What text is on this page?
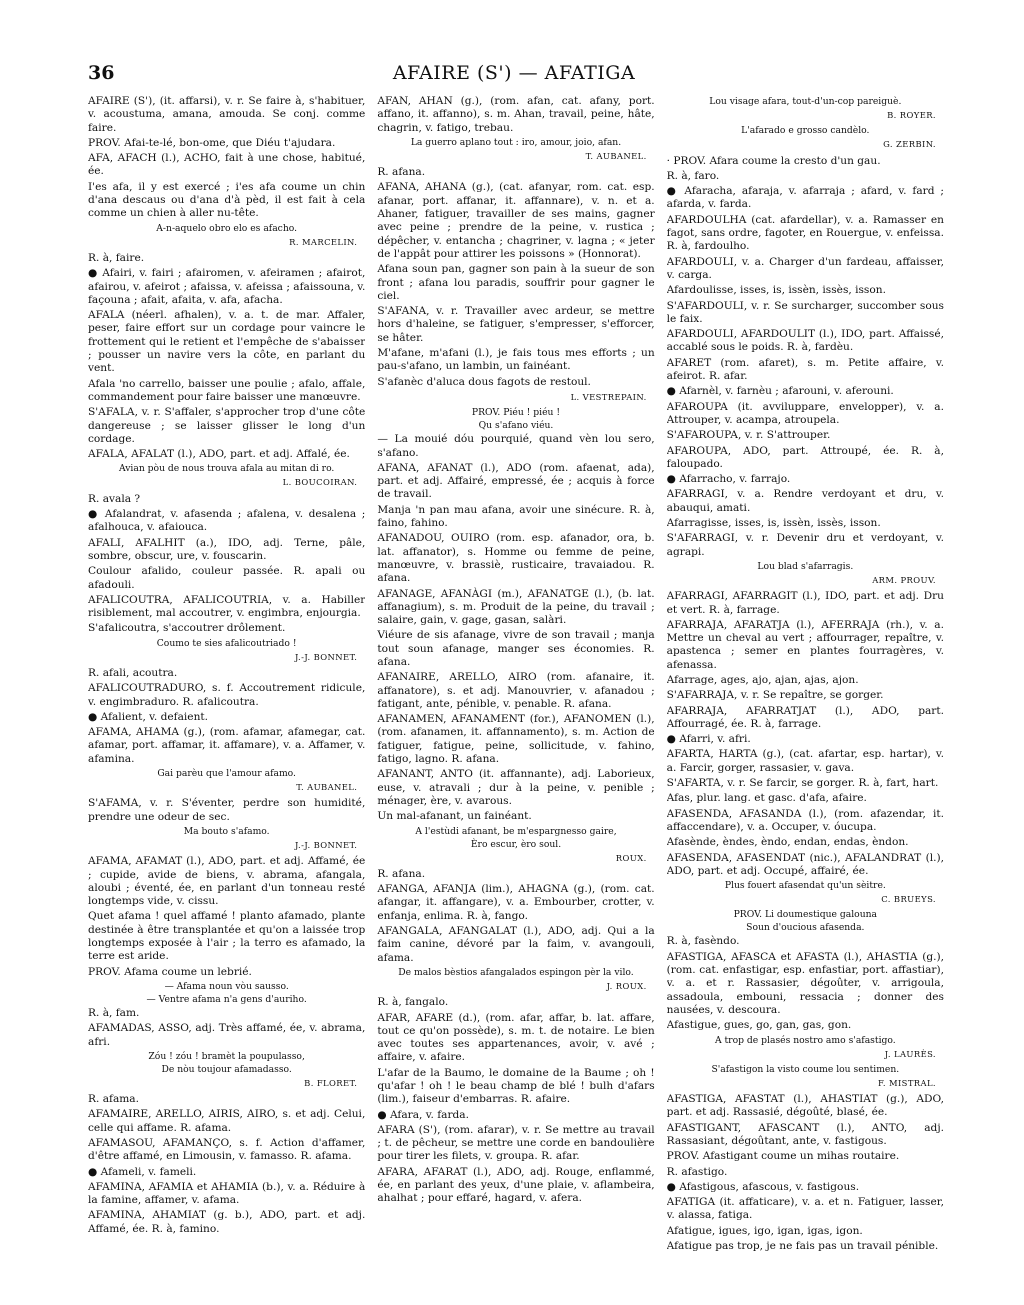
36	AFAIRE (S') — AFATIGA

AFAIRE (S'), (it. affarsi), v. r. Se faire à, s'habituer, v. acoustuma, amana, amouda. Se conj. comme faire.

PROV. Afai-te-lé, bon-ome, que Diéu t'ajudara.

AFA, AFACH (l.), ACHO, fait à une chose, habitué, ée.

I'es afa, il y est exercé ; i'es afa coume un chin d'ana descaus ou d'ana d'à pèd, il est fait à cela comme un chien à aller nu-tête.

A-n-aquelo obro elo es afacho.

R. MARCELIN.

R. à, faire.

● Afairi, v. fairi ; afairomen, v. afeiramen ; afairot, afairou, v. afeirot ; afaissa, v. afeissa ; afaissouna, v. façouna ; afait, afaita, v. afa, afacha.

AFALA (néerl. afhalen), v. a. t. de mar. Affaler, peser, faire effort sur un cordage pour vaincre le frottement qui le retient et l'empêche de s'abaisser ; pousser un navire vers la côte, en parlant du vent.

Afala 'no carrello, baisser une poulie ; afalo, affale, commandement pour faire baisser une manœuvre.

S'AFALA, v. r. S'affaler, s'approcher trop d'une côte dangereuse ; se laisser glisser le long d'un cordage.

AFALA, AFALAT (l.), ADO, part. et adj. Affalé, ée.

Avian pòu de nous trouva afala au mitan di ro.

L. BOUCOIRAN.

R. avala ?

● Afalandrat, v. afasenda ; afalena, v. desalena ; afalhouca, v. afaiouca.

AFALI, AFALHIT (a.), IDO, adj. Terne, pâle, sombre, obscur, ure, v. fouscarin.

Coulour afalido, couleur passée. R. apali ou afadouli.

AFALICOUTRA, AFALICOUTRIA, v. a. Habiller risiblement, mal accoutrer, v. engimbra, enjourgia.

S'afalicoutra, s'accoutrer drôlement.

Coumo te sies afalicoutriado !

J.-J. BONNET.

R. afali, acoutra.

AFALICOUTRADURO, s. f. Accoutrement ridicule, v. engimbraduro. R. afalicoutra.

● Afalient, v. defaient.

AFAMA, AHAMA (g.), (rom. afamar, afamegar, cat. afamar, port. affamar, it. affamare), v. a. Affamer, v. afamina.

Gai parèu que l'amour afamo.

T. AUBANEL.

S'AFAMA, v. r. S'éventer, perdre son humidité, prendre une odeur de sec.

Ma bouto s'afamo.

J.-J. BONNET.

AFAMA, AFAMAT (l.), ADO, part. et adj. Affamé, ée ; cupide, avide de biens, v. abrama, afangala, aloubi ; éventé, ée, en parlant d'un tonneau resté longtemps vide, v. cissu.

Quet afama ! quel affamé ! planto afamado, plante destinée à être transplantée et qu'on a laissée trop longtemps exposée à l'air ; la terro es afamado, la terre est aride.

PROV. Afama coume un lebrié.

— Afama noun vòu sausso.

— Ventre afama n'a gens d'auriho.

R. à, fam.

AFAMADAS, ASSO, adj. Très affamé, ée, v. abrama, afri.

Zóu ! zóu ! bramèt la poupulasso,

De nòu toujour afamadasso.

B. FLORET.

R. afama.

AFAMAIRE, ARELLO, AIRIS, AIRO, s. et adj. Celui, celle qui affame. R. afama.

AFAMASOU, AFAMANÇO, s. f. Action d'affamer, d'être affamé, en Limousin, v. famasso. R. afama.

● Afameli, v. fameli.

AFAMINA, AFAMIA et AHAMIA (b.), v. a. Réduire à la famine, affamer, v. afama.

AFAMINA, AHAMIAT (g. b.), ADO, part. et adj. Affamé, ée. R. à, famino.

AFAN, AHAN (g.), (rom. afan, cat. afany, port. affano, it. affanno), s. m. Ahan, travail, peine, hâte, chagrin, v. fatigo, trebau.

La guerro aplano tout : iro, amour, joio, afan.

T. AUBANEL.

R. afana.

AFANA, AHANA (g.), (cat. afanyar, rom. cat. esp. afanar, port. affanar, it. affannare), v. n. et a. Ahaner, fatiguer, travailler de ses mains, gagner avec peine ; prendre de la peine, v. rustica ; dépêcher, v. entancha ; chagriner, v. lagna ; « jeter de l'appât pour attirer les poissons » (Honnorat).

Afana soun pan, gagner son pain à la sueur de son front ; afana lou paradis, souffrir pour gagner le ciel.

S'AFANA, v. r. Travailler avec ardeur, se mettre hors d'haleine, se fatiguer, s'empresser, s'efforcer, se hâter.

M'afane, m'afani (l.), je fais tous mes efforts ; un pau-s'afano, un lambin, un fainéant.

S'afanèc d'aluca dous fagots de restoul.

L. VESTREPAIN.

PROV. Piéu ! piéu !

Qu s'afano viéu.

— La mouié dóu pourquié, quand vèn lou sero, s'afano.

AFANA, AFANAT (l.), ADO (rom. afaenat, ada), part. et adj. Affairé, empressé, ée ; acquis à force de travail.

Manja 'n pan mau afana, avoir une sinécure. R. à, faino, fahino.

AFANADOU, OUIRO (rom. esp. afanador, ora, b. lat. affanator), s. Homme ou femme de peine, manœuvre, v. brassiè, rusticaire, travaiadou. R. afana.

AFANAGE, AFANÀGI (m.), AFANATGE (l.), (b. lat. affanagium), s. m. Produit de la peine, du travail ; salaire, gain, v. gage, gasan, salàri.

Viéure de sis afanage, vivre de son travail ; manja tout soun afanage, manger ses économies. R. afana.

AFANAIRE, ARELLO, AIRO (rom. afanaire, it. affanatore), s. et adj. Manouvrier, v. afanadou ; fatigant, ante, pénible, v. penable. R. afana.

AFANAMEN, AFANAMENT (for.), AFANOMEN (l.), (rom. afanamen, it. affannamento), s. m. Action de fatiguer, fatigue, peine, sollicitude, v. fahino, fatigo, lagno. R. afana.

AFANANT, ANTO (it. affannante), adj. Laborieux, euse, v. atravali ; dur à la peine, v. penible ; ménager, ère, v. avarous.

Un mal-afanant, un fainéant.

A l'estùdi afanant, be m'espargnesso gaire,

Èro escur, èro soul.

ROUX.

R. afana.

AFANGA, AFANJA (lim.), AHAGNA (g.), (rom. cat. afangar, it. affangare), v. a. Embourber, crotter, v. enfanja, enlima. R. à, fango.

AFANGALA, AFANGALAT (l.), ADO, adj. Qui a la faim canine, dévoré par la faim, v. avangouli, afama.

De malos bèstios afangalados espingon pèr la vilo.

J. ROUX.

R. à, fangalo.

AFAR, AFARE (d.), (rom. afar, affar, b. lat. affare, tout ce qu'on possède), s. m. t. de notaire. Le bien avec toutes ses appartenances, avoir, v. avé ; affaire, v. afaire.

L'afar de la Baumo, le domaine de la Baume ; oh ! qu'afar ! oh ! le beau champ de blé ! bulh d'afars (lim.), faiseur d'embarras. R. afaire.

● Afara, v. farda.

AFARA (S'), (rom. afarar), v. r. Se mettre au travail ; t. de pêcheur, se mettre une corde en bandoulière pour tirer les filets, v. groupa. R. afar.

AFARA, AFARAT (l.), ADO, adj. Rouge, enflammé, ée, en parlant des yeux, d'une plaie, v. aflambeira, ahalhat ; pour effaré, hagard, v. afera.

Lou visage afara, tout-d'un-cop pareiguè.

B. ROYER.

L'afarado e grosso candèlo.

G. ZERBIN.

· PROV. Afara coume la cresto d'un gau.

R. à, faro.

● Afaracha, afaraja, v. afarraja ; afard, v. fard ; afarda, v. farda.

AFARDOULHA (cat. afardellar), v. a. Ramasser en fagot, sans ordre, fagoter, en Rouergue, v. enfeissa. R. à, fardoulho.

AFARDOULI, v. a. Charger d'un fardeau, affaisser, v. carga.

Afardoulisse, isses, is, issèn, issès, isson.

S'AFARDOULI, v. r. Se surcharger, succomber sous le faix.

AFARDOULI, AFARDOULIT (l.), IDO, part. Affaissé, accablé sous le poids. R. à, fardèu.

AFARET (rom. afaret), s. m. Petite affaire, v. afeirot. R. afar.

● Afarnèl, v. farnèu ; afarouni, v. aferouni.

AFAROUPA (it. avviluppare, envelopper), v. a. Attrouper, v. acampa, atroupela.

S'AFAROUPA, v. r. S'attrouper.

AFAROUPA, ADO, part. Attroupé, ée. R. à, faloupado.

● Afarracho, v. farrajo.

AFARRAGI, v. a. Rendre verdoyant et dru, v. abauqui, amati.

Afarragisse, isses, is, issèn, issès, isson.

S'AFARRAGI, v. r. Devenir dru et verdoyant, v. agrapi.

Lou blad s'afarragis.

ARM. PROUV.

AFARRAGI, AFARRAGIT (l.), IDO, part. et adj. Dru et vert. R. à, farrage.

AFARRAJA, AFARATJA (l.), AFERRAJA (rh.), v. a. Mettre un cheval au vert ; affourrager, repaître, v. apastenca ; semer en plantes fourragères, v. afenassa.

Afarrage, ages, ajo, ajan, ajas, ajon.

S'AFARRAJA, v. r. Se repaître, se gorger.

AFARRAJA, AFARRATJAT (l.), ADO, part. Affourragé, ée. R. à, farrage.

● Afarri, v. afri.

AFARTA, HARTA (g.), (cat. afartar, esp. hartar), v. a. Farcir, gorger, rassasier, v. gava.

S'AFARTA, v. r. Se farcir, se gorger. R. à, fart, hart.

Afas, plur. lang. et gasc. d'afa, afaire.

AFASENDA, AFASANDA (l.), (rom. afazendar, it. affaccendare), v. a. Occuper, v. óucupa.

Afasènde, èndes, èndo, endan, endas, èndon.

AFASENDA, AFASENDAT (nic.), AFALANDRAT (l.), ADO, part. et adj. Occupé, affairé, ée.

Plus fouert afasendat qu'un sèitre.

C. BRUEYS.

PROV. Li doumestique galouna

Soun d'oucious afasenda.

R. à, fasèndo.

AFASTIGA, AFASCA et AFASTA (l.), AHASTIA (g.), (rom. cat. enfastigar, esp. enfastiar, port. affastiar), v. a. et r. Rassasier, dégoûter, v. arrigoula, assadoula, embouni, ressacia ; donner des nausées, v. descoura.

Afastigue, gues, go, gan, gas, gon.

A trop de plasés nostro amo s'afastigo.

J. LAURÈS.

S'afastigon la visto coume lou sentimen.

F. MISTRAL.

AFASTIGA, AFASTAT (l.), AHASTIAT (g.), ADO, part. et adj. Rassasié, dégoûté, blasé, ée.

AFASTIGANT, AFASCANT (l.), ANTO, adj. Rassasiant, dégoûtant, ante, v. fastigous.

PROV. Afastigant coume un mihas routaire.

R. afastigo.

● Afastigous, afascous, v. fastigous.

AFATIGA (it. affaticare), v. a. et n. Fatiguer, lasser, v. alassa, fatiga.

Afatigue, igues, igo, igan, igas, igon.

Afatigue pas trop, je ne fais pas un travail pénible.
